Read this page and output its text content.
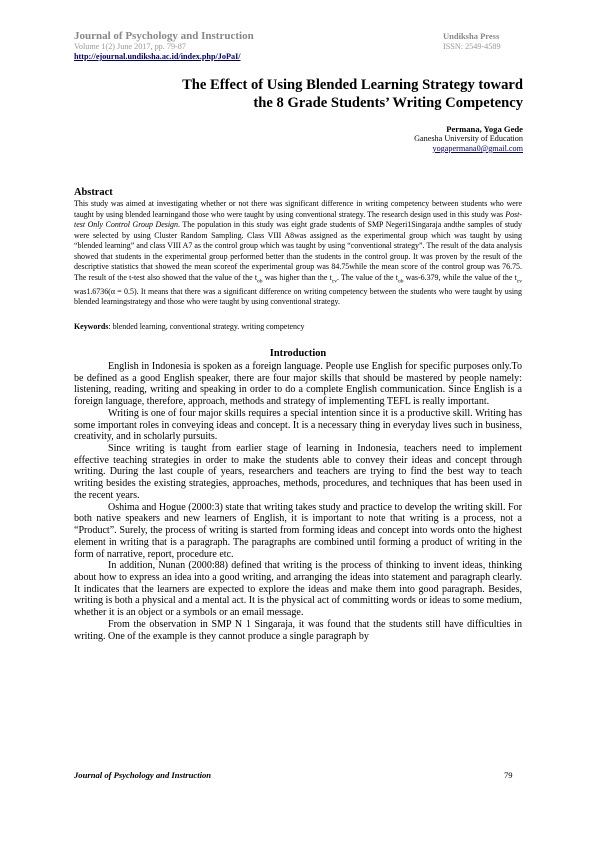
Journal of Psychology and Instruction
Volume 1(2) June 2017, pp. 79-87
http://ejournal.undiksha.ac.id/index.php/JoPaI/
Undiksha Press
ISSN: 2549-4589
The Effect of Using Blended Learning Strategy toward
the 8 Grade Students’ Writing Competency
Permana, Yoga Gede
Ganesha University of Education
yogapermana0@gmail.com
Abstract
This study was aimed at investigating whether or not there was significant difference in writing competency between students who were taught by using blended learningand those who were taught by using conventional strategy. The research design used in this study was Post-test Only Control Group Design. The population in this study was eight grade students of SMP Negeri1Singaraja andthe samples of study were selected by using Cluster Random Sampling. Class VIII A8was assigned as the experimental group which was taught by using “blended learning” and class VIII A7 as the control group which was taught by using “conventional strategy”. The result of the data analysis showed that students in the experimental group performed better than the students in the control group. It was proven by the result of the descriptive statistics that showed the mean scoreof the experimental group was 84.75while the mean score of the control group was 76.75. The result of the t-test also showed that the value of the $t_{ob}$ was higher than the $t_{cv}$. The value of the $t_{ob}$ was-6.379, while the value of the $t_{cv}$ was1.6736(α = 0.5). It means that there was a significant difference on writing competency between the students who were taught by using blended learningstrategy and those who were taught by using conventional strategy.
Keywords: blended learning, conventional strategy. writing competency
Introduction

English in Indonesia is spoken as a foreign language. People use English for specific purposes only.To be defined as a good English speaker, there are four major skills that should be mastered by people namely: listening, reading, writing and speaking in order to do a complete English communication. Since English is a foreign language, therefore, approach, methods and strategy of implementing TEFL is really important.

Writing is one of four major skills requires a special intention since it is a productive skill. Writing has some important roles in conveying ideas and concept. It is a necessary thing in everyday lives such in business, creativity, and in scholarly pursuits.

Since writing is taught from earlier stage of learning in Indonesia, teachers need to implement effective teaching strategies in order to make the students able to convey their ideas and concept through writing. During the last couple of years, researchers and teachers are trying to find the best way to teach writing besides the existing strategies, approaches, methods, procedures, and techniques that has been used in the recent years.

Oshima and Hogue (2000:3) state that writing takes study and practice to develop the writing skill. For both native speakers and new learners of English, it is important to note that writing is a process, not a “Product”. Surely, the process of writing is started from forming ideas and concept into words onto the highest element in writing that is a paragraph. The paragraphs are combined until forming a product of writing in the form of narrative, report, procedure etc.

In addition, Nunan (2000:88) defined that writing is the process of thinking to invent ideas, thinking about how to express an idea into a good writing, and arranging the ideas into statement and paragraph clearly. It indicates that the learners are expected to explore the ideas and make them into good paragraph. Besides, writing is both a physical and a mental act. It is the physical act of committing words or ideas to some medium, whether it is an object or a symbols or an email message.

From the observation in SMP N 1 Singaraja, it was found that the students still have difficulties in writing. One of the example is they cannot produce a single paragraph by

Journal of Psychology and Instruction	79
